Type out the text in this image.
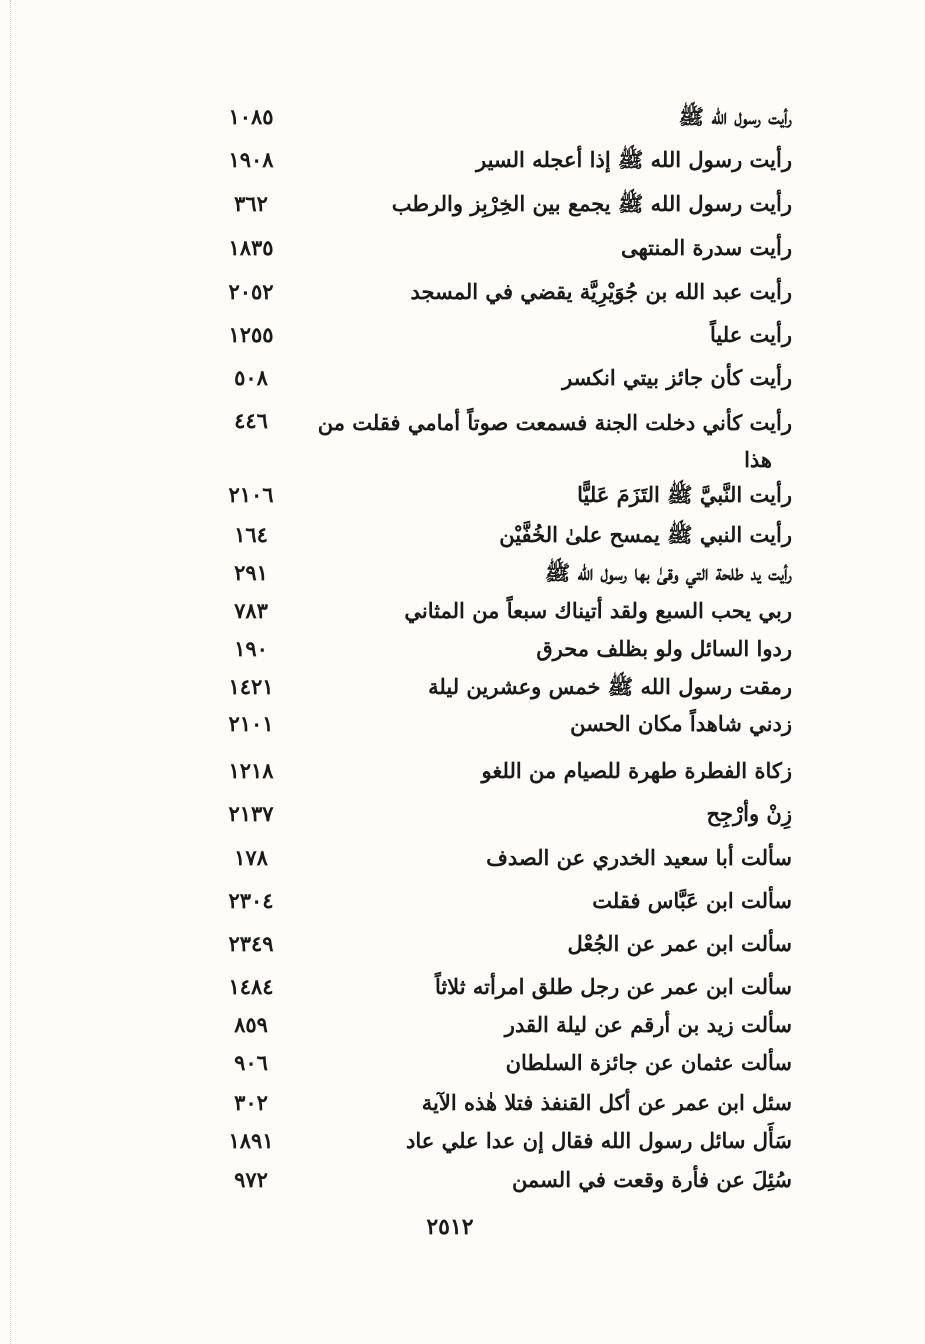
رأيت رسول الله ﷺ
١٠٨٥
رأيت رسول الله ﷺ إذا أعجله السير
١٩٠٨
رأيت رسول الله ﷺ يجمع بين الخِرْبِز والرطب
٣٦٢
رأيت سدرة المنتهى
١٨٣٥
رأيت عبد الله بن جُوَيْرِيَّة يقضي في المسجد
٢٠٥٢
رأيت علياً
١٢٥٥
رأيت كأن جائز بيتي انكسر
٥٠٨
رأيت كأني دخلت الجنة فسمعت صوتاً أمامي فقلت من
هذا
٤٤٦
رأيت النَّبيَّ ﷺ التَزَمَ عَليًّا
٢١٠٦
رأيت النبي ﷺ يمسح علىٰ الخُفَّيْن
١٦٤
رأيت يد طلحة التي وقىٰ بها رسول الله ﷺ
٢٩١
ربي يحب السبع ولقد أتيناك سبعاً من المثاني
٧٨٣
ردوا السائل ولو بظلف محرق
١٩٠
رمقت رسول الله ﷺ خمس وعشرين ليلة
١٤٢١
زدني شاهداً مكان الحسن
٢١٠١
زكاة الفطرة طهرة للصيام من اللغو
١٢١٨
زِنْ وأرْجِح
٢١٣٧
سألت أبا سعيد الخدري عن الصدف
١٧٨
سألت ابن عَبَّاس فقلت
٢٣٠٤
سألت ابن عمر عن الجُعْل
٢٣٤٩
سألت ابن عمر عن رجل طلق امرأته ثلاثاً
١٤٨٤
سألت زيد بن أرقم عن ليلة القدر
٨٥٩
سألت عثمان عن جائزة السلطان
٩٠٦
سئل ابن عمر عن أكل القنفذ فتلا هٰذه الآية
٣٠٢
سَأَل سائل رسول الله فقال إن عدا علي عاد
١٨٩١
سُئِلَ عن فأرة وقعت في السمن
٩٧٢
٢٥١٢
